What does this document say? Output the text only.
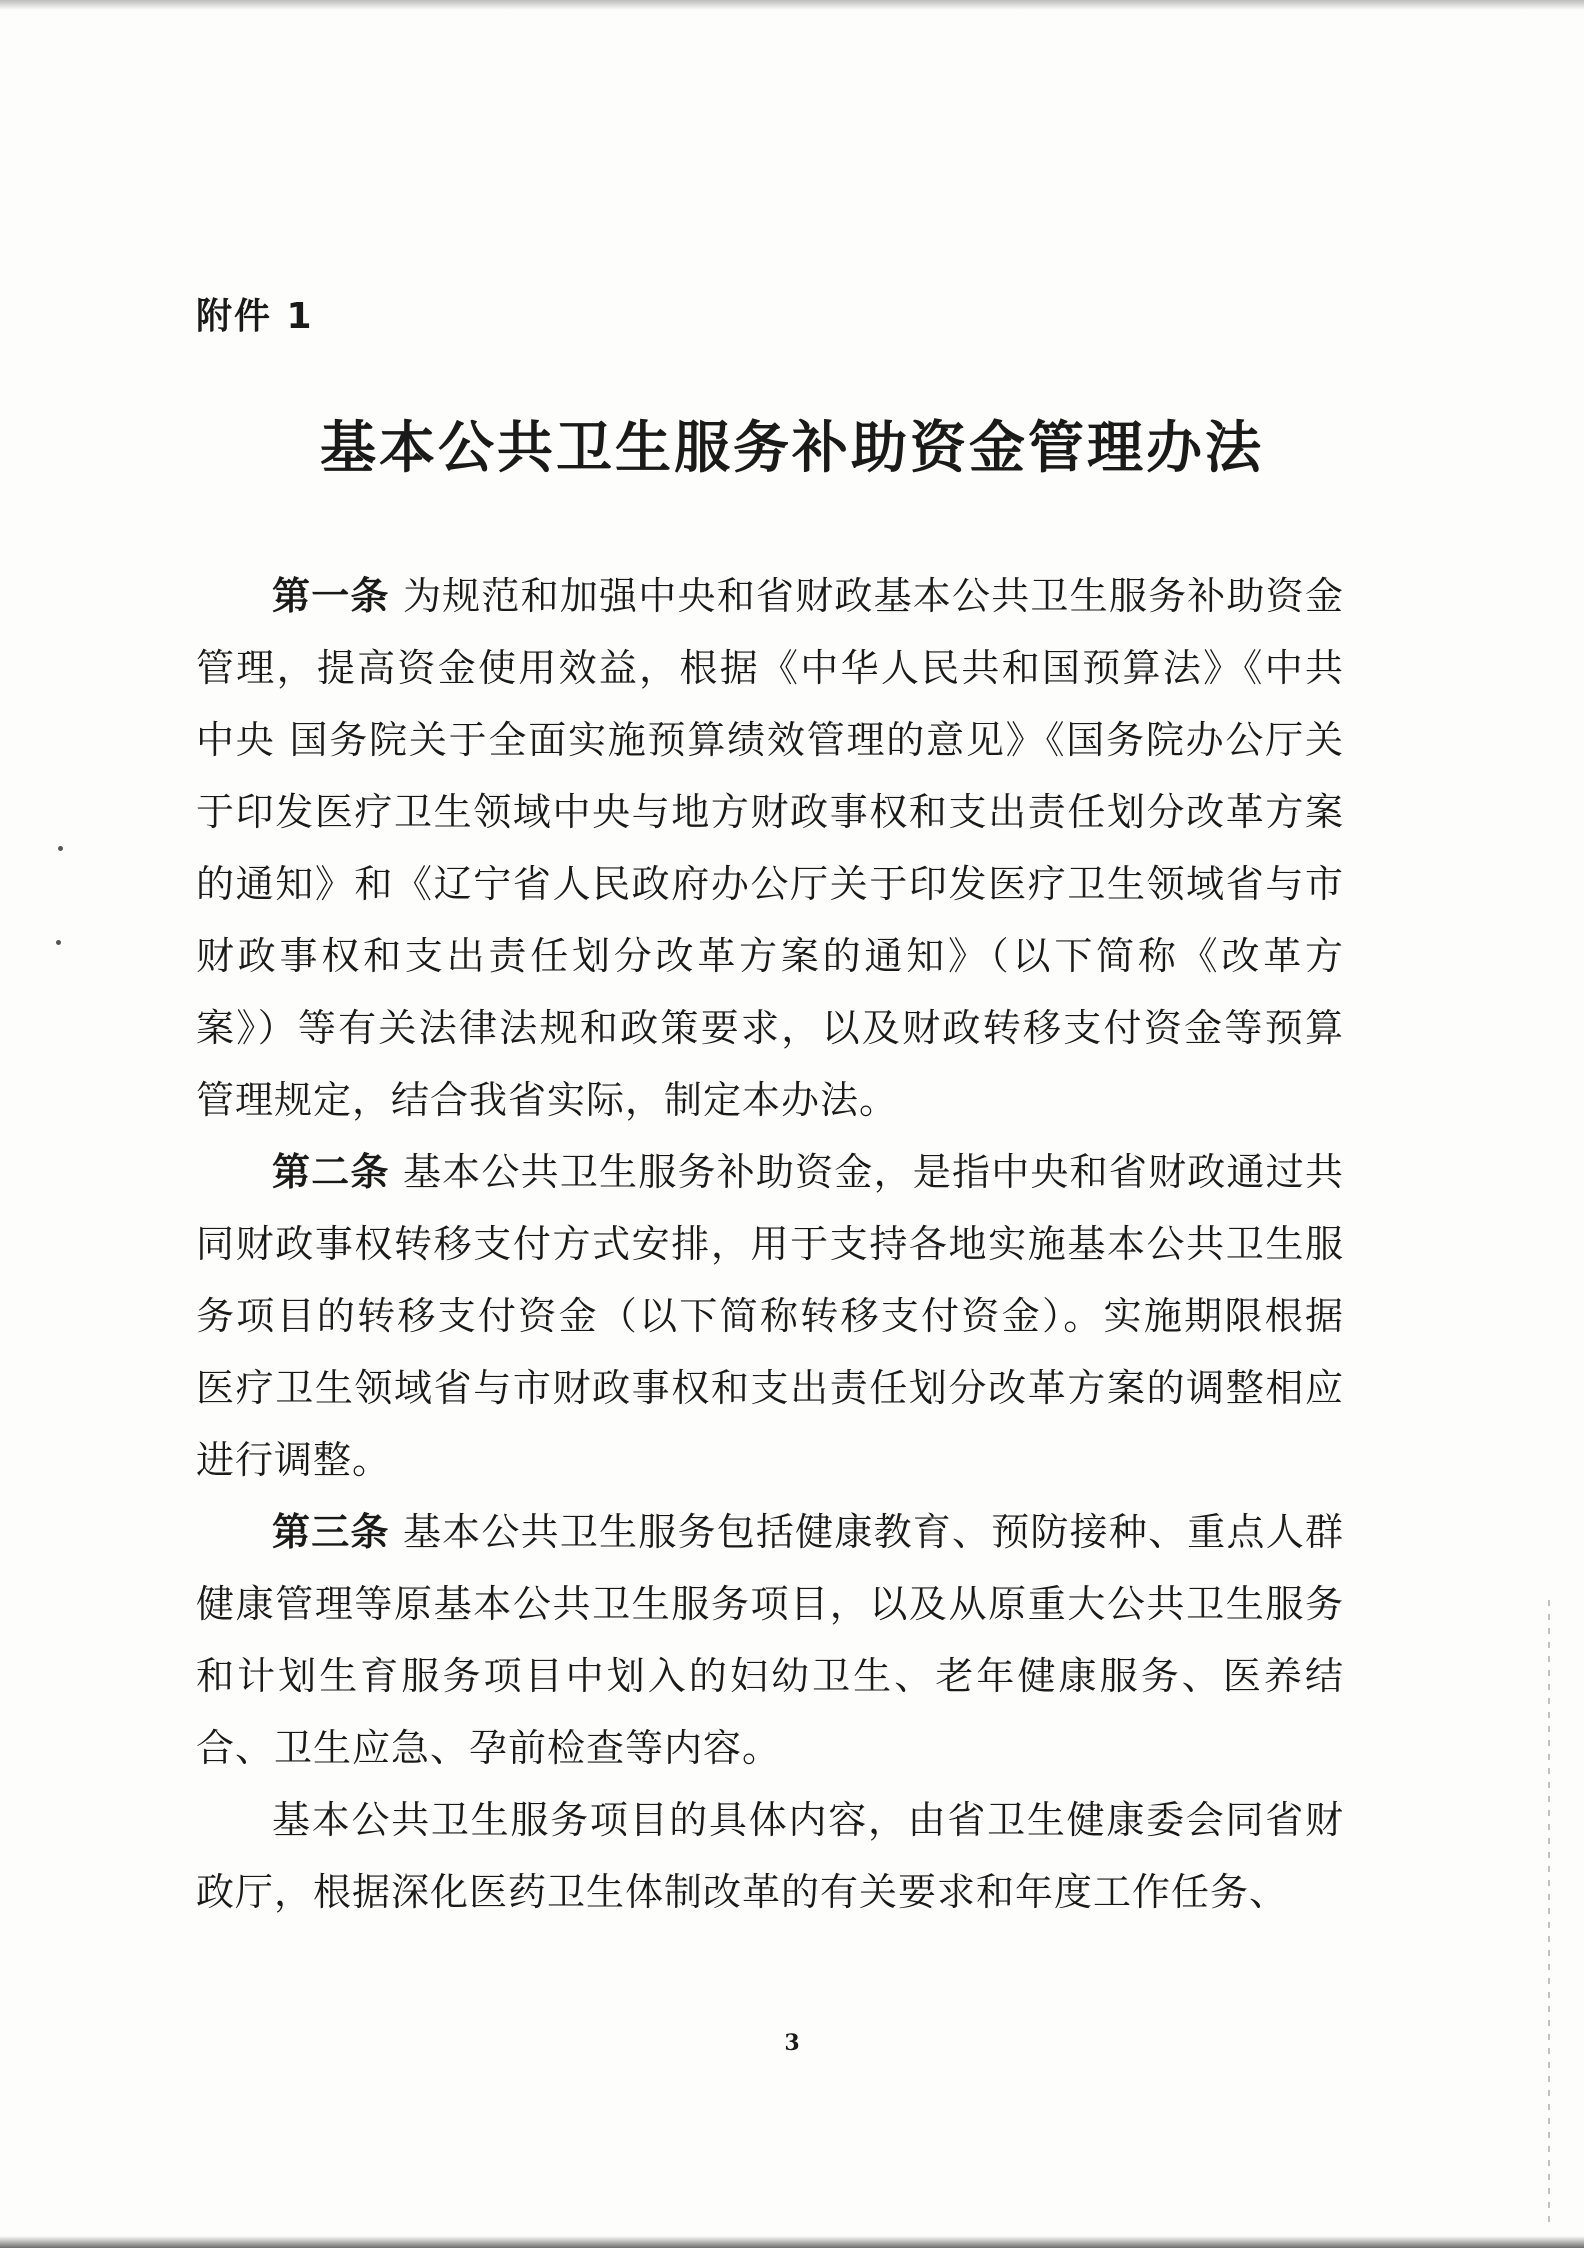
附件 1

基本公共卫生服务补助资金管理办法

第一条 为规范和加强中央和省财政基本公共卫生服务补助资金管理，提高资金使用效益，根据《中华人民共和国预算法》《中共中央 国务院关于全面实施预算绩效管理的意见》《国务院办公厅关于印发医疗卫生领域中央与地方财政事权和支出责任划分改革方案的通知》和《辽宁省人民政府办公厅关于印发医疗卫生领域省与市财政事权和支出责任划分改革方案的通知》（以下简称《改革方案》）等有关法律法规和政策要求，以及财政转移支付资金等预算管理规定，结合我省实际，制定本办法。

第二条 基本公共卫生服务补助资金，是指中央和省财政通过共同财政事权转移支付方式安排，用于支持各地实施基本公共卫生服务项目的转移支付资金（以下简称转移支付资金）。实施期限根据医疗卫生领域省与市财政事权和支出责任划分改革方案的调整相应进行调整。

第三条 基本公共卫生服务包括健康教育、预防接种、重点人群健康管理等原基本公共卫生服务项目，以及从原重大公共卫生服务和计划生育服务项目中划入的妇幼卫生、老年健康服务、医养结合、卫生应急、孕前检查等内容。

基本公共卫生服务项目的具体内容，由省卫生健康委会同省财政厅，根据深化医药卫生体制改革的有关要求和年度工作任务、

3
